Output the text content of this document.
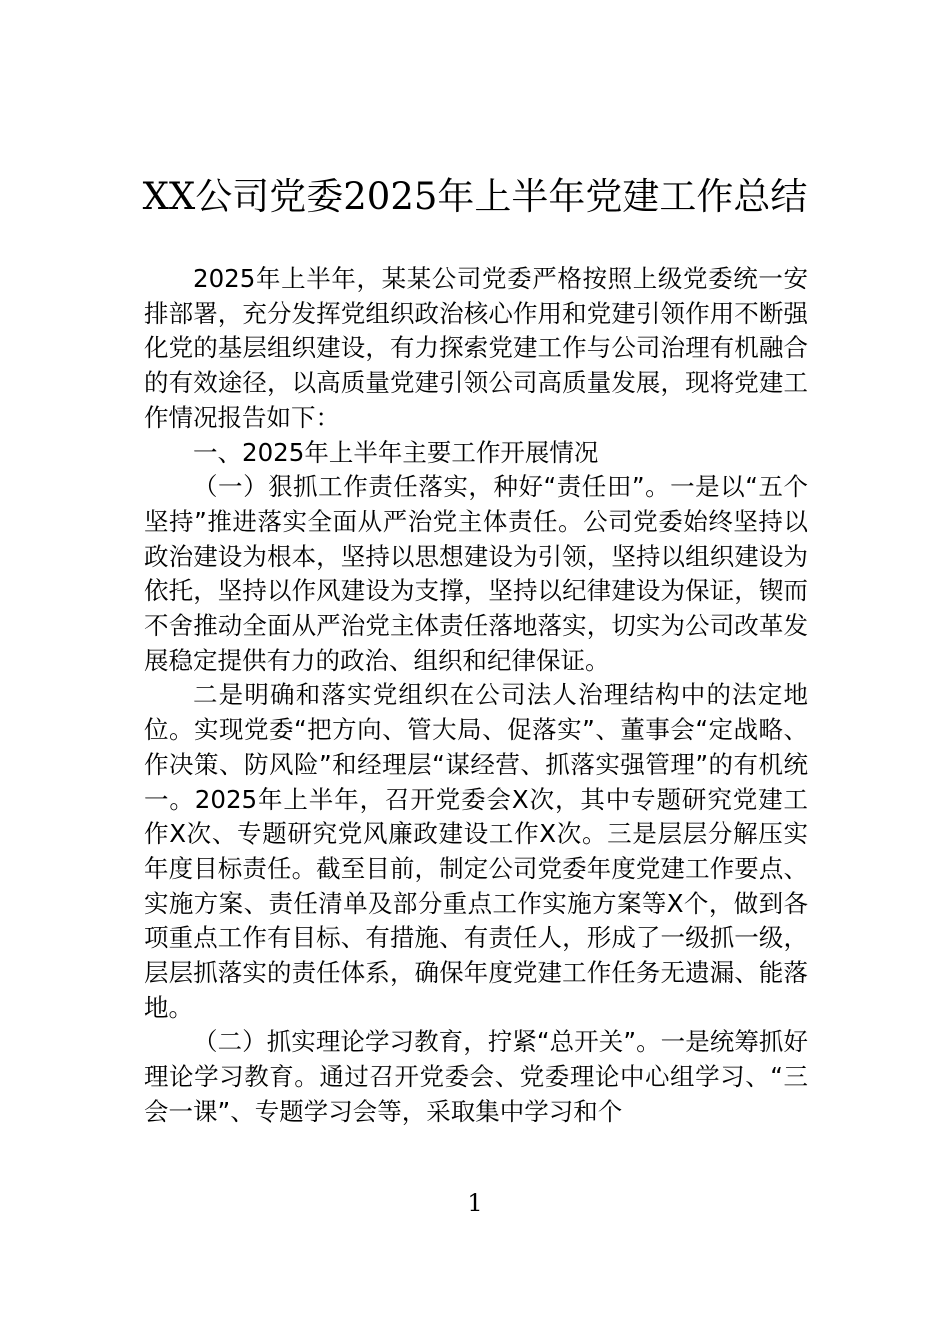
XX公司党委2025年上半年党建工作总结

2025年上半年，某某公司党委严格按照上级党委统一安排部署，充分发挥党组织政治核心作用和党建引领作用不断强化党的基层组织建设，有力探索党建工作与公司治理有机融合的有效途径，以高质量党建引领公司高质量发展，现将党建工作情况报告如下：

一、2025年上半年主要工作开展情况

（一）狠抓工作责任落实，种好“责任田”。一是以“五个坚持”推进落实全面从严治党主体责任。公司党委始终坚持以政治建设为根本，坚持以思想建设为引领，坚持以组织建设为依托，坚持以作风建设为支撑，坚持以纪律建设为保证，锲而不舍推动全面从严治党主体责任落地落实，切实为公司改革发展稳定提供有力的政治、组织和纪律保证。

二是明确和落实党组织在公司法人治理结构中的法定地位。实现党委“把方向、管大局、促落实”、董事会“定战略、作决策、防风险”和经理层“谋经营、抓落实强管理”的有机统一。2025年上半年，召开党委会X次，其中专题研究党建工作X次、专题研究党风廉政建设工作X次。三是层层分解压实年度目标责任。截至目前，制定公司党委年度党建工作要点、实施方案、责任清单及部分重点工作实施方案等X个，做到各项重点工作有目标、有措施、有责任人，形成了一级抓一级，层层抓落实的责任体系，确保年度党建工作任务无遗漏、能落地。

（二）抓实理论学习教育，拧紧“总开关”。一是统筹抓好理论学习教育。通过召开党委会、党委理论中心组学习、“三会一课”、专题学习会等，采取集中学习和个

1
